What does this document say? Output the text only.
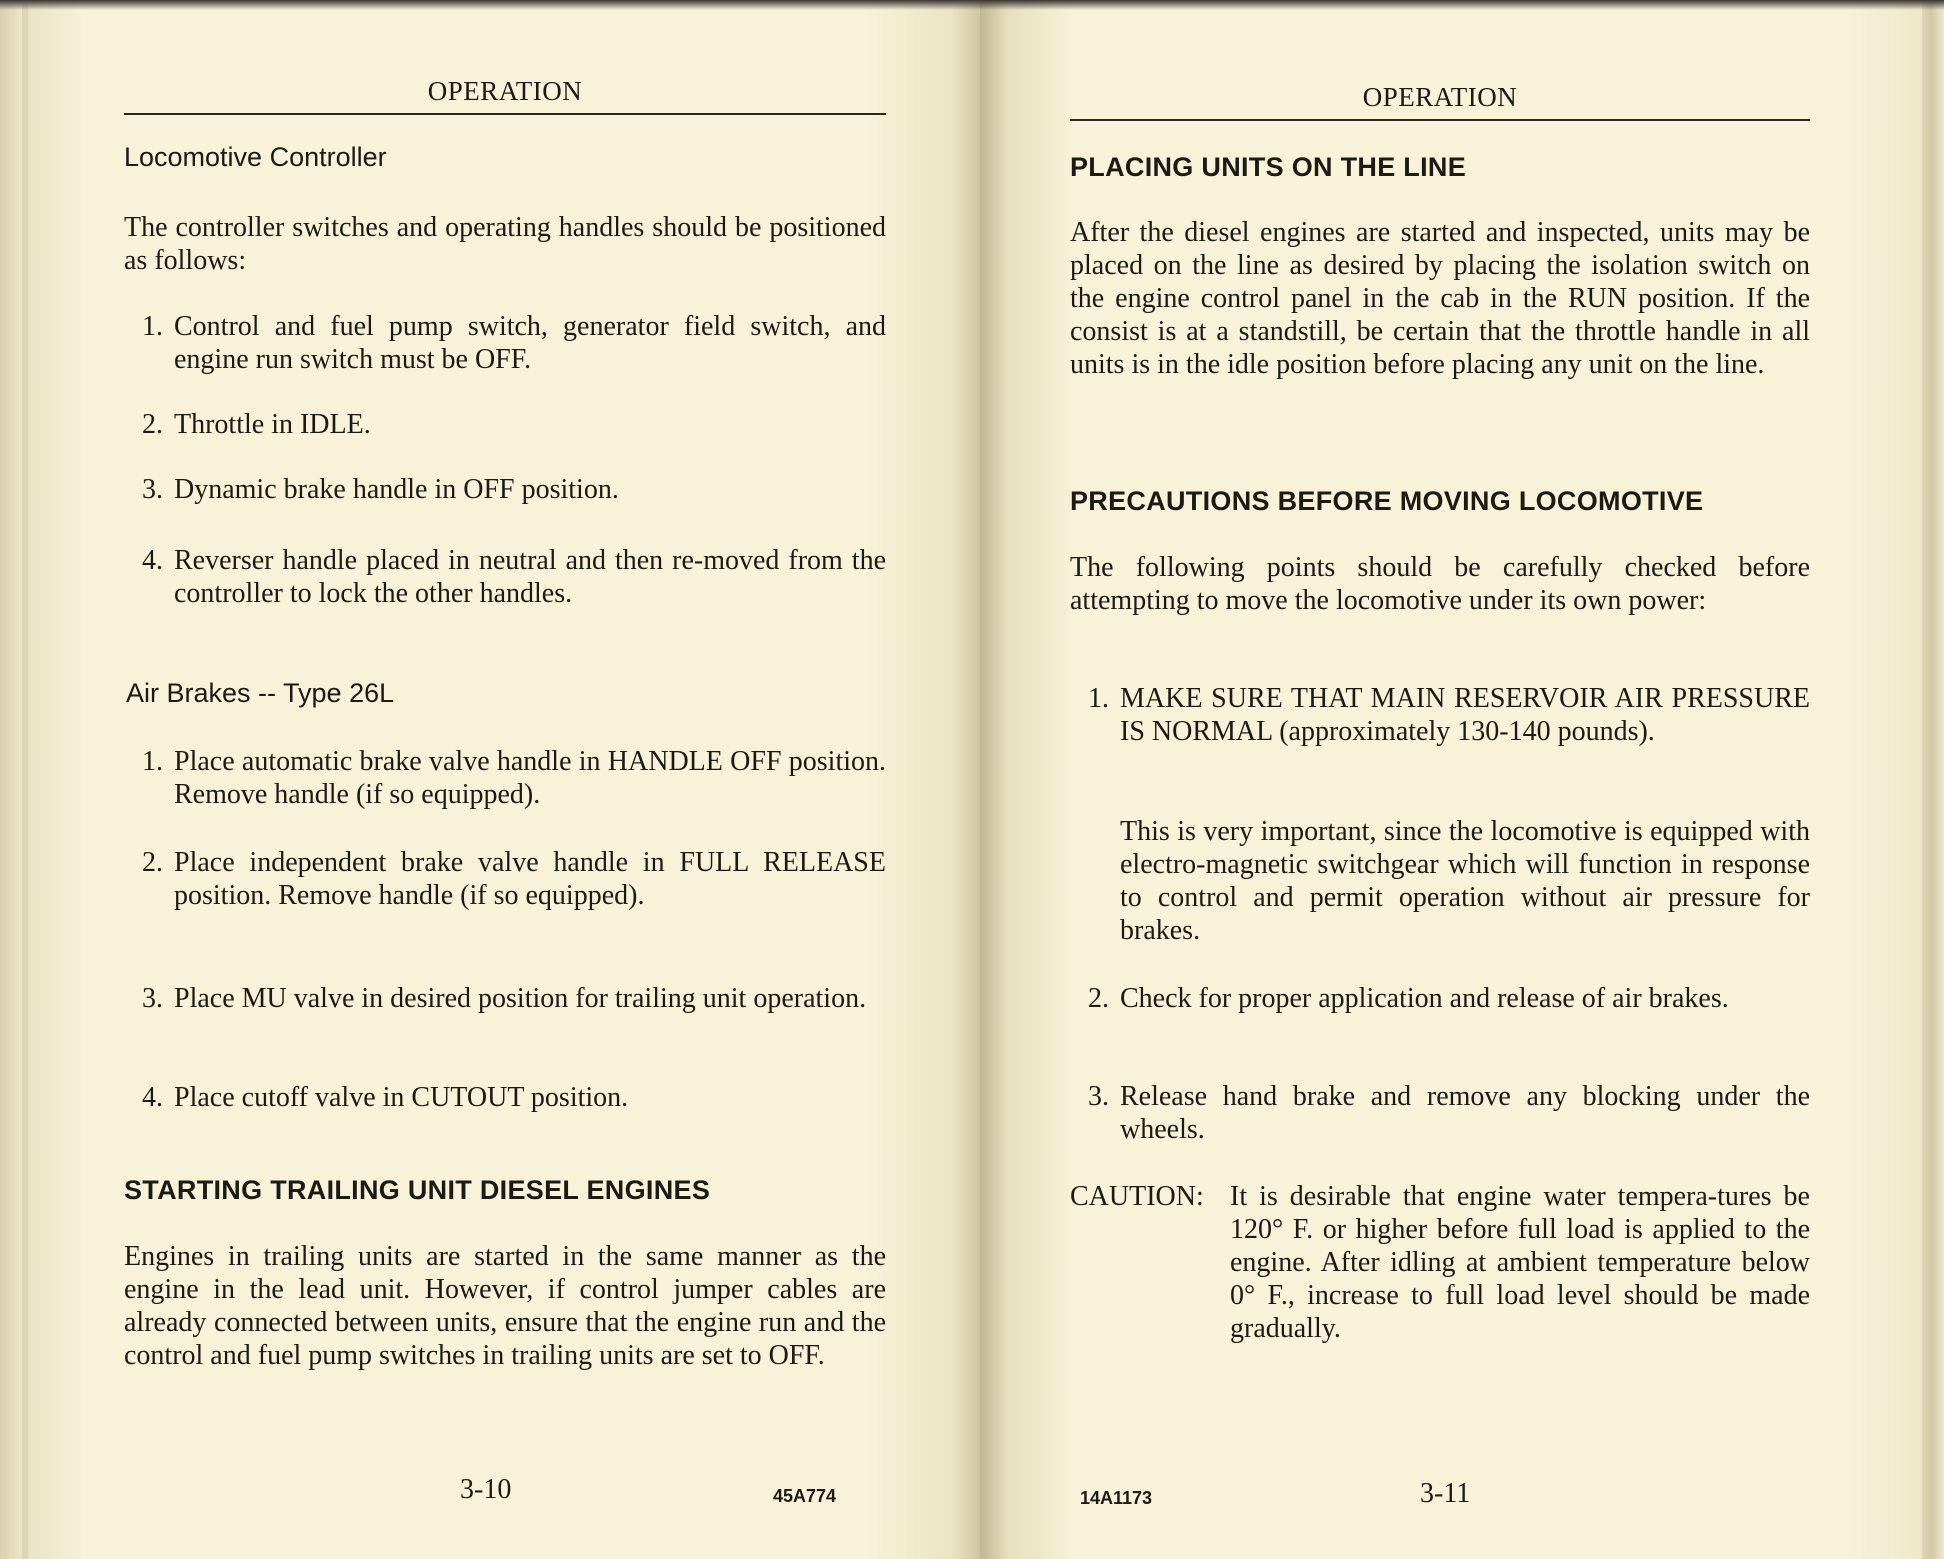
OPERATION
Locomotive Controller

The controller switches and operating handles should be positioned as follows:

1. Control and fuel pump switch, generator field switch, and engine run switch must be OFF.

2. Throttle in IDLE.

3. Dynamic brake handle in OFF position.

4. Reverser handle placed in neutral and then re-moved from the controller to lock the other handles.

Air Brakes -- Type 26L

1. Place automatic brake valve handle in HANDLE OFF position. Remove handle (if so equipped).

2. Place independent brake valve handle in FULL RELEASE position. Remove handle (if so equipped).

3. Place MU valve in desired position for trailing unit operation.

4. Place cutoff valve in CUTOUT position.

STARTING TRAILING UNIT DIESEL ENGINES

Engines in trailing units are started in the same manner as the engine in the lead unit. However, if control jumper cables are already connected between units, ensure that the engine run and the control and fuel pump switches in trailing units are set to OFF.

3-10	45A774
OPERATION
PLACING UNITS ON THE LINE

After the diesel engines are started and inspected, units may be placed on the line as desired by placing the isolation switch on the engine control panel in the cab in the RUN position. If the consist is at a standstill, be certain that the throttle handle in all units is in the idle position before placing any unit on the line.

PRECAUTIONS BEFORE MOVING LOCOMOTIVE

The following points should be carefully checked before attempting to move the locomotive under its own power:

1. MAKE SURE THAT MAIN RESERVOIR AIR PRESSURE IS NORMAL (approximately 130-140 pounds).

This is very important, since the locomotive is equipped with electro-magnetic switchgear which will function in response to control and permit operation without air pressure for brakes.

2. Check for proper application and release of air brakes.

3. Release hand brake and remove any blocking under the wheels.

CAUTION: It is desirable that engine water tempera-tures be 120° F. or higher before full load is applied to the engine. After idling at ambient temperature below 0° F., increase to full load level should be made gradually.

14A1173	3-11
